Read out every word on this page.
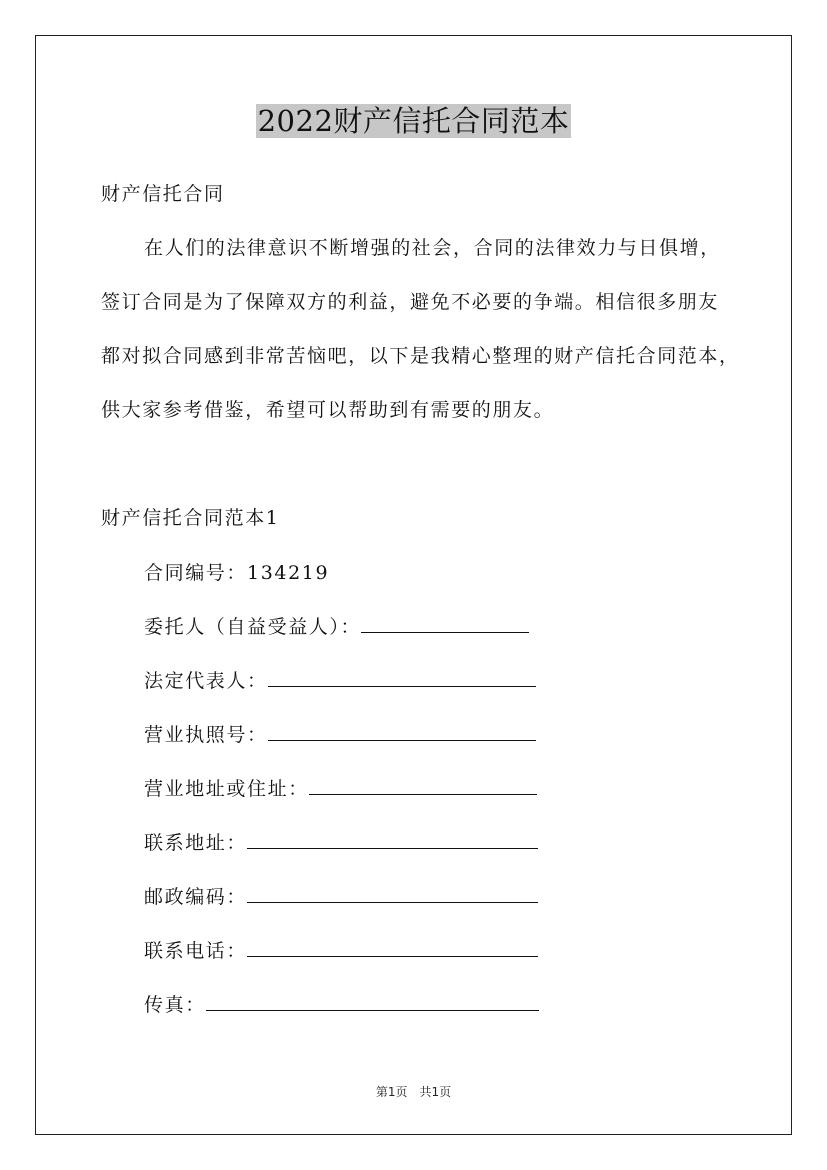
2022财产信托合同范本
财产信托合同
在人们的法律意识不断增强的社会，合同的法律效力与日俱增，
签订合同是为了保障双方的利益，避免不必要的争端。相信很多朋友
都对拟合同感到非常苦恼吧，以下是我精心整理的财产信托合同范本，
供大家参考借鉴，希望可以帮助到有需要的朋友。
财产信托合同范本1
合同编号：134219
委托人（自益受益人）：
法定代表人：
营业执照号：
营业地址或住址：
联系地址：
邮政编码：
联系电话：
传真：
第1页 共1页
